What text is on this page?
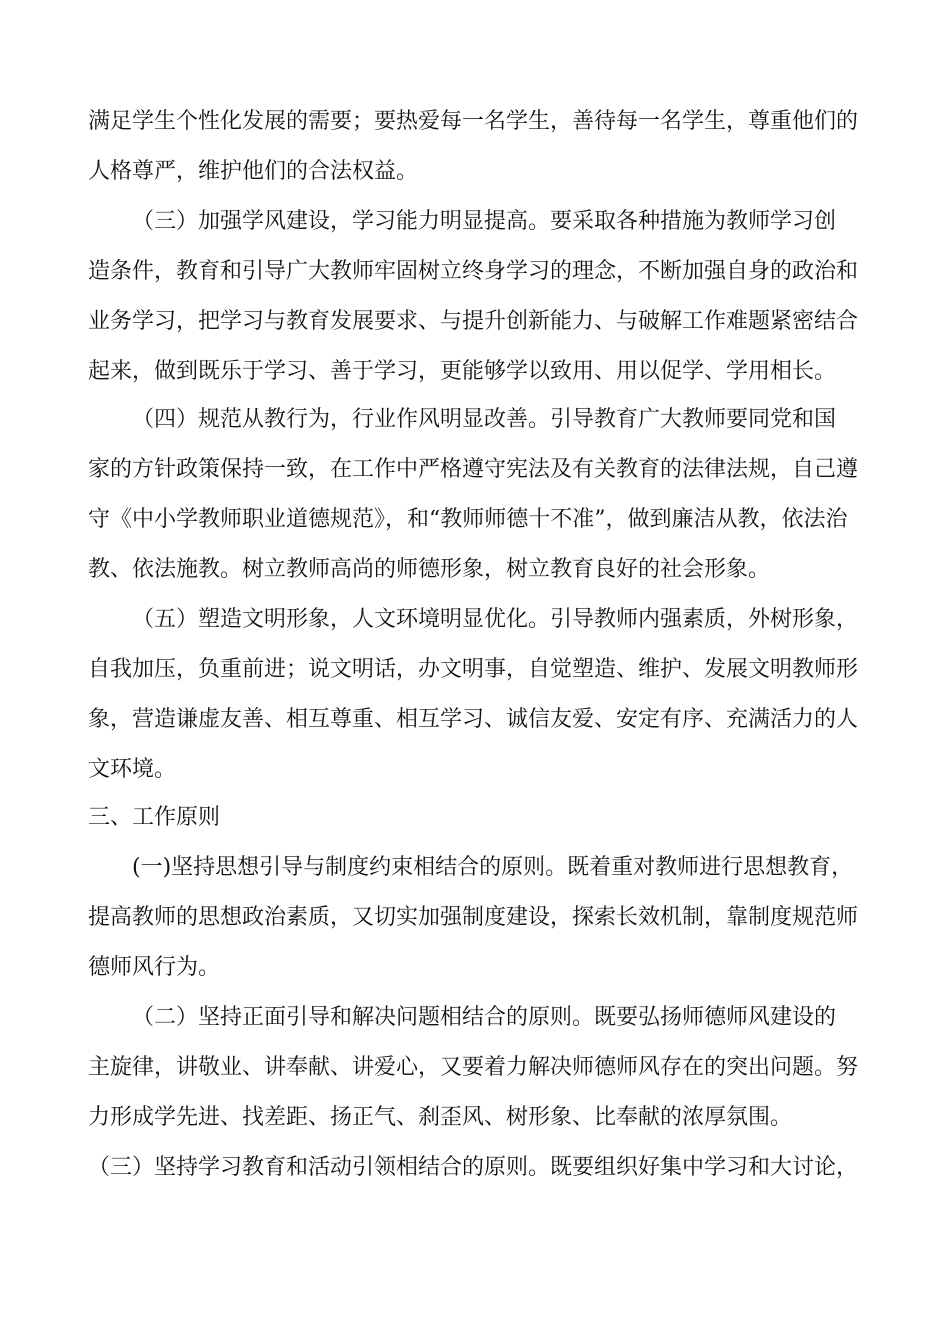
满足学生个性化发展的需要；要热爱每一名学生，善待每一名学生，尊重他们的
人格尊严，维护他们的合法权益。
（三）加强学风建设，学习能力明显提高。要采取各种措施为教师学习创
造条件，教育和引导广大教师牢固树立终身学习的理念，不断加强自身的政治和
业务学习，把学习与教育发展要求、与提升创新能力、与破解工作难题紧密结合
起来，做到既乐于学习、善于学习，更能够学以致用、用以促学、学用相长。
（四）规范从教行为，行业作风明显改善。引导教育广大教师要同党和国
家的方针政策保持一致，在工作中严格遵守宪法及有关教育的法律法规，自己遵
守《中小学教师职业道德规范》，和“教师师德十不准”，做到廉洁从教，依法治
教、依法施教。树立教师高尚的师德形象，树立教育良好的社会形象。
（五）塑造文明形象，人文环境明显优化。引导教师内强素质，外树形象，
自我加压，负重前进；说文明话，办文明事，自觉塑造、维护、发展文明教师形
象，营造谦虚友善、相互尊重、相互学习、诚信友爱、安定有序、充满活力的人
文环境。
三、工作原则
(一)坚持思想引导与制度约束相结合的原则。既着重对教师进行思想教育，
提高教师的思想政治素质，又切实加强制度建设，探索长效机制，靠制度规范师
德师风行为。
（二）坚持正面引导和解决问题相结合的原则。既要弘扬师德师风建设的
主旋律，讲敬业、讲奉献、讲爱心，又要着力解决师德师风存在的突出问题。努
力形成学先进、找差距、扬正气、刹歪风、树形象、比奉献的浓厚氛围。
（三）坚持学习教育和活动引领相结合的原则。既要组织好集中学习和大讨论，
